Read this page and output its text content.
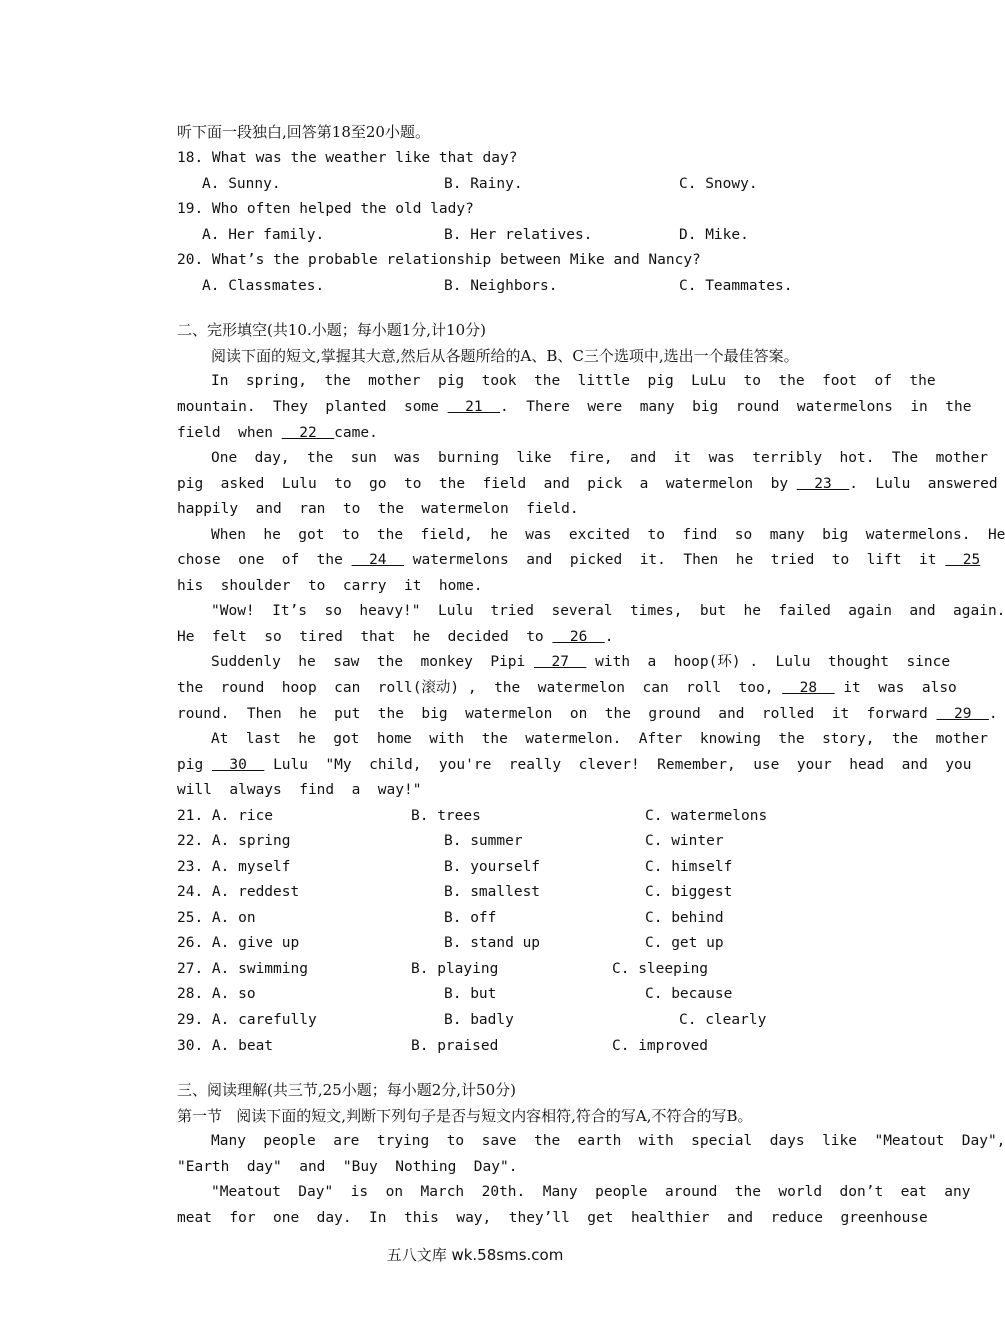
听下面一段独白,回答第18至20小题。
18. What was the weather like that day?
A. Sunny.	B. Rainy.	C. Snowy.
19. Who often helped the old lady?
A. Her family.	B. Her relatives.	D. Mike.
20. What’s the probable relationship between Mike and Nancy?
A. Classmates.	B. Neighbors.	C. Teammates.
二、完形填空(共10.小题；每小题1分,计10分)
阅读下面的短文,掌握其大意,然后从各题所给的A、B、C三个选项中,选出一个最佳答案。
In  spring,  the  mother  pig  took  the  little  pig  LuLu  to  the  foot  of  the
mountain.  They  planted  some   21  .  There  were  many  big  round  watermelons  in  the
field  when   22  came.
One  day,  the  sun  was  burning  like  fire,  and  it  was  terribly  hot.  The  mother
pig  asked  Lulu  to  go  to  the  field  and  pick  a  watermelon  by   23  .  Lulu  answered
happily  and  ran  to  the  watermelon  field.
When  he  got  to  the  field,  he  was  excited  to  find  so  many  big  watermelons.  He
chose  one  of  the   24   watermelons  and  picked  it.  Then  he  tried  to  lift  it   25
his  shoulder  to  carry  it  home.
"Wow!  It’s  so  heavy!"  Lulu  tried  several  times,  but  he  failed  again  and  again.
He  felt  so  tired  that  he  decided  to   26  .
Suddenly  he  saw  the  monkey  Pipi   27   with  a  hoop(环) .  Lulu  thought  since
the  round  hoop  can  roll(滚动) ,  the  watermelon  can  roll  too,   28   it  was  also
round.  Then  he  put  the  big  watermelon  on  the  ground  and  rolled  it  forward   29  .
At  last  he  got  home  with  the  watermelon.  After  knowing  the  story,  the  mother
pig   30   Lulu  "My  child,  you're  really  clever!  Remember,  use  your  head  and  you
will  always  find  a  way!"
21. A. rice	B. trees	C. watermelons
22. A. spring	B. summer	C. winter
23. A. myself	B. yourself	C. himself
24. A. reddest	B. smallest	C. biggest
25. A. on	B. off	C. behind
26. A. give up	B. stand up	C. get up
27. A. swimming	B. playing	C. sleeping
28. A. so	B. but	C. because
29. A. carefully	B. badly	C. clearly
30. A. beat	B. praised	C. improved
三、阅读理解(共三节,25小题；每小题2分,计50分)
第一节   阅读下面的短文,判断下列句子是否与短文内容相符,符合的写A,不符合的写B。
Many  people  are  trying  to  save  the  earth  with  special  days  like  "Meatout  Day",
"Earth  day"  and  "Buy  Nothing  Day".
"Meatout  Day"  is  on  March  20th.  Many  people  around  the  world  don’t  eat  any
meat  for  one  day.  In  this  way,  they’ll  get  healthier  and  reduce  greenhouse
五八文库 wk.58sms.com
